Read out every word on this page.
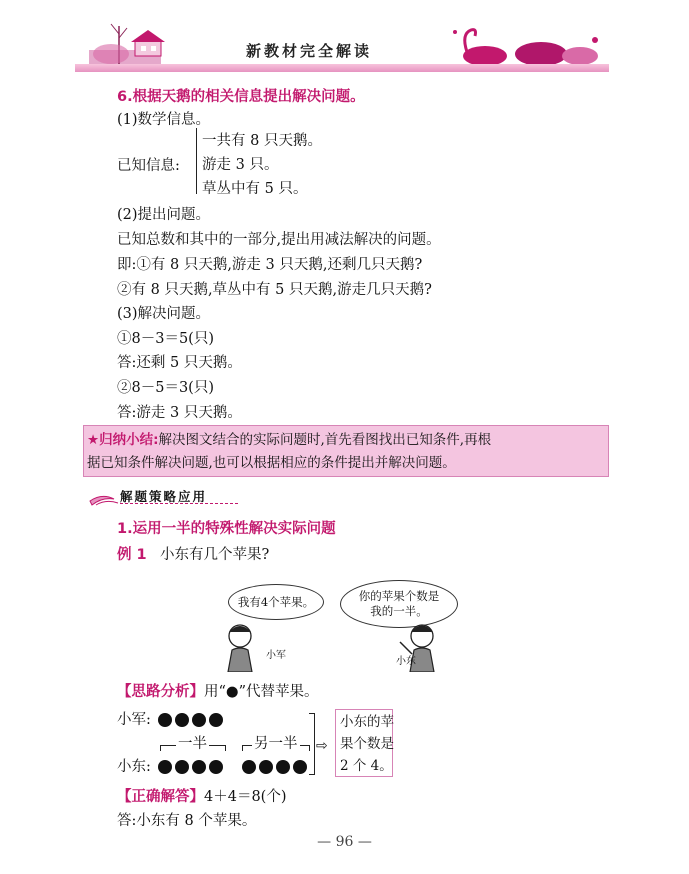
新教材完全解读
6.根据天鹅的相关信息提出解决问题。
(1)数学信息。
已知信息:
一共有 8 只天鹅。
游走 3 只。
草丛中有 5 只。
(2)提出问题。
已知总数和其中的一部分,提出用减法解决的问题。
即:①有 8 只天鹅,游走 3 只天鹅,还剩几只天鹅?
②有 8 只天鹅,草丛中有 5 只天鹅,游走几只天鹅?
(3)解决问题。
①8－3＝5(只)
答:还剩 5 只天鹅。
②8－5＝3(只)
答:游走 3 只天鹅。
★归纳小结:解决图文结合的实际问题时,首先看图找出已知条件,再根
据已知条件解决问题,也可以根据相应的条件提出并解决问题。
解题策略应用
1.运用一半的特殊性解决实际问题
例 1 小东有几个苹果?
我有4个苹果。	你的苹果个数是
我的一半。
小军
小东
【思路分析】用“●”代替苹果。
小军:
一半	另一半
小东:
⇨
小东的苹
果个数是
2 个 4。
【正确解答】4＋4＝8(个)
答:小东有 8 个苹果。
— 96 —
